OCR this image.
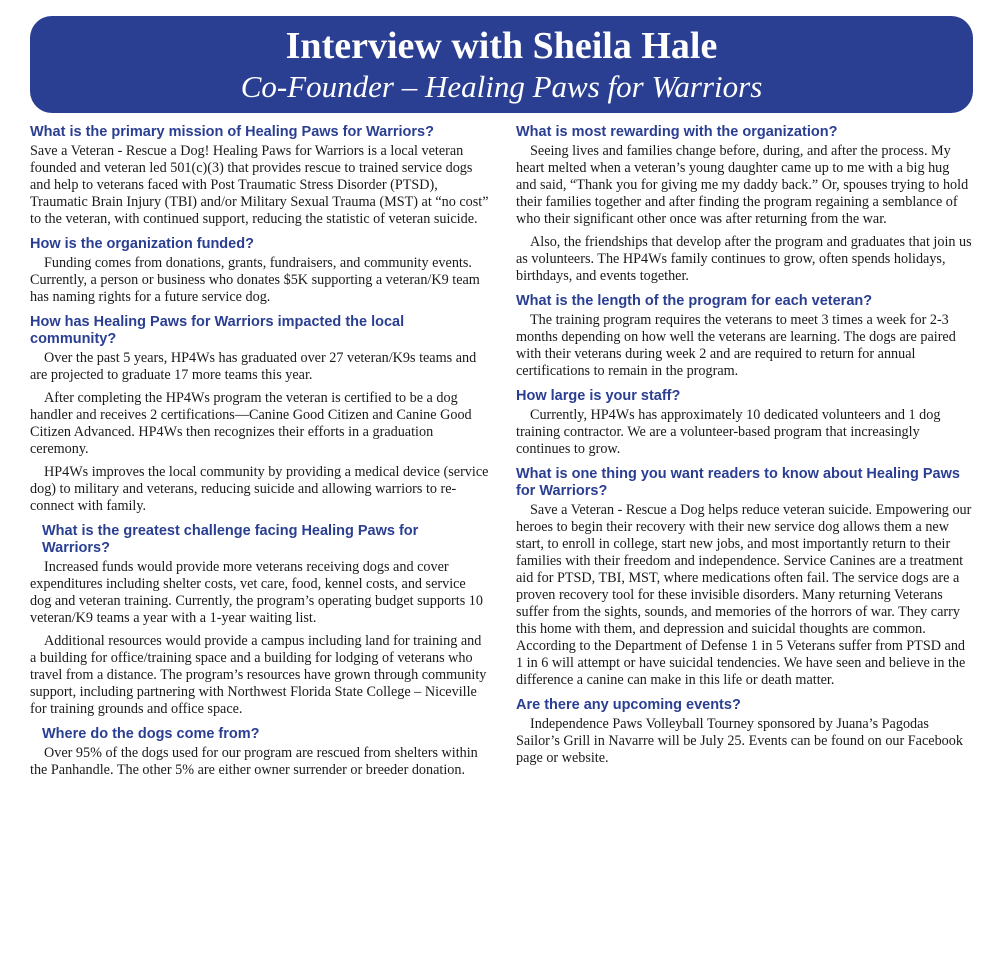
Interview with Sheila Hale
Co-Founder – Healing Paws for Warriors
What is the primary mission of Healing Paws for Warriors?
Save a Veteran - Rescue a Dog! Healing Paws for Warriors is a local veteran founded and veteran led 501(c)(3) that provides rescue to trained service dogs and help to veterans faced with Post Traumatic Stress Disorder (PTSD), Traumatic Brain Injury (TBI) and/or Military Sexual Trauma (MST) at “no cost” to the veteran, with continued support, reducing the statistic of veteran suicide.
How is the organization funded?
Funding comes from donations, grants, fundraisers, and community events. Currently, a person or business who donates $5K supporting a veteran/K9 team has naming rights for a future service dog.
How has Healing Paws for Warriors impacted the local community?
Over the past 5 years, HP4Ws has graduated over 27 veteran/K9s teams and are projected to graduate 17 more teams this year.
After completing the HP4Ws program the veteran is certified to be a dog handler and receives 2 certifications—Canine Good Citizen and Canine Good Citizen Advanced. HP4Ws then recognizes their efforts in a graduation ceremony.
HP4Ws improves the local community by providing a medical device (service dog) to military and veterans, reducing suicide and allowing warriors to re-connect with family.
What is the greatest challenge facing Healing Paws for Warriors?
Increased funds would provide more veterans receiving dogs and cover expenditures including shelter costs, vet care, food, kennel costs, and service dog and veteran training. Currently, the program’s operating budget supports 10 veteran/K9 teams a year with a 1-year waiting list.
Additional resources would provide a campus including land for training and a building for office/training space and a building for lodging of veterans who travel from a distance. The program’s resources have grown through community support, including partnering with Northwest Florida State College – Niceville for training grounds and office space.
Where do the dogs come from?
Over 95% of the dogs used for our program are rescued from shelters within the Panhandle. The other 5% are either owner surrender or breeder donation.
What is most rewarding with the organization?
Seeing lives and families change before, during, and after the process. My heart melted when a veteran’s young daughter came up to me with a big hug and said, “Thank you for giving me my daddy back.” Or, spouses trying to hold their families together and after finding the program regaining a semblance of who their significant other once was after returning from the war.
Also, the friendships that develop after the program and graduates that join us as volunteers. The HP4Ws family continues to grow, often spends holidays, birthdays, and events together.
What is the length of the program for each veteran?
The training program requires the veterans to meet 3 times a week for 2-3 months depending on how well the veterans are learning. The dogs are paired with their veterans during week 2 and are required to return for annual certifications to remain in the program.
How large is your staff?
Currently, HP4Ws has approximately 10 dedicated volunteers and 1 dog training contractor. We are a volunteer-based program that increasingly continues to grow.
What is one thing you want readers to know about Healing Paws for Warriors?
Save a Veteran - Rescue a Dog helps reduce veteran suicide. Empowering our heroes to begin their recovery with their new service dog allows them a new start, to enroll in college, start new jobs, and most importantly return to their families with their freedom and independence. Service Canines are a treatment aid for PTSD, TBI, MST, where medications often fail. The service dogs are a proven recovery tool for these invisible disorders. Many returning Veterans suffer from the sights, sounds, and memories of the horrors of war. They carry this home with them, and depression and suicidal thoughts are common. According to the Department of Defense 1 in 5 Veterans suffer from PTSD and 1 in 6 will attempt or have suicidal tendencies. We have seen and believe in the difference a canine can make in this life or death matter.
Are there any upcoming events?
Independence Paws Volleyball Tourney sponsored by Juana’s Pagodas Sailor’s Grill in Navarre will be July 25. Events can be found on our Facebook page or website.
